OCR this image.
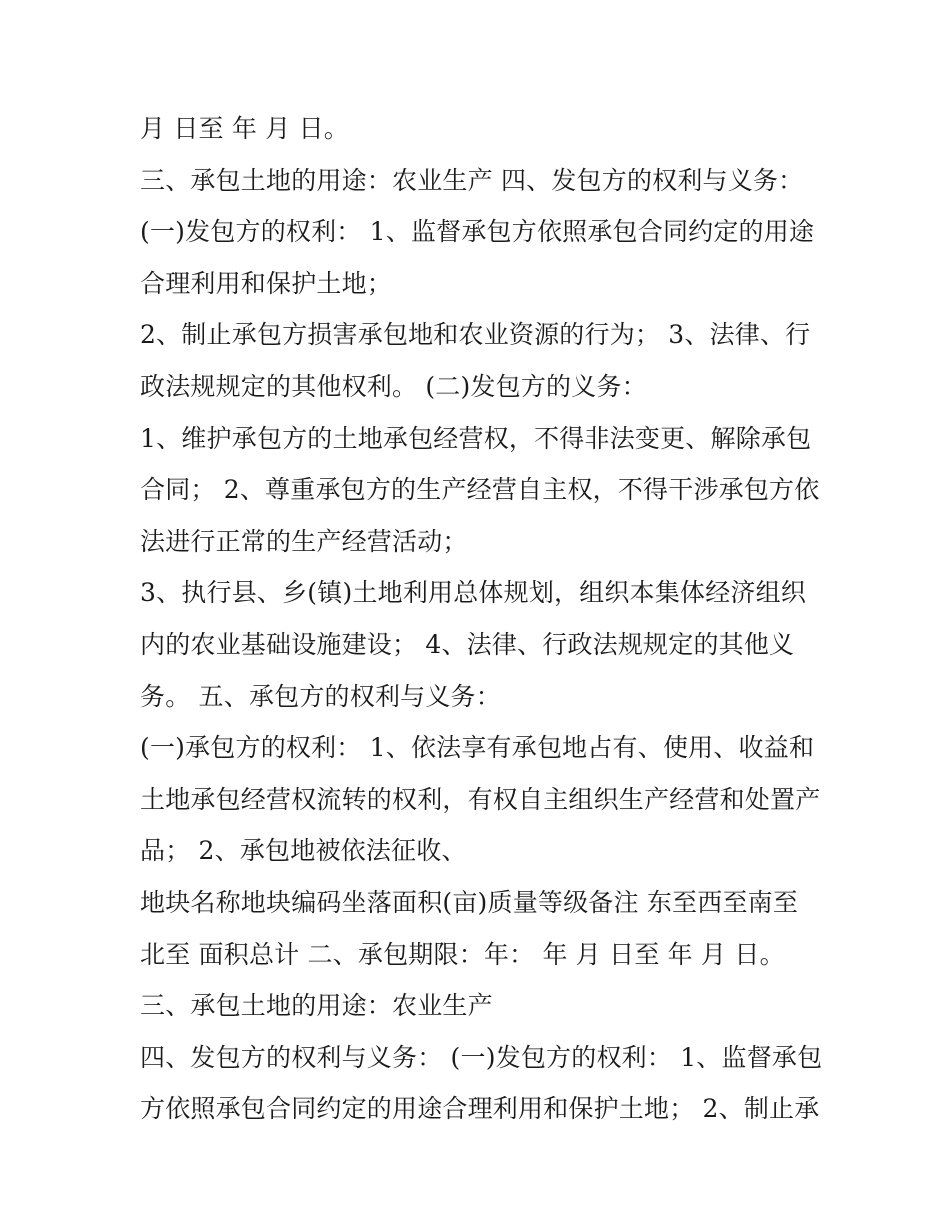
月 日至 年 月 日。
三、承包土地的用途：农业生产 四、发包方的权利与义务：
(一)发包方的权利： 1、监督承包方依照承包合同约定的用途
合理利用和保护土地；
2、制止承包方损害承包地和农业资源的行为； 3、法律、行
政法规规定的其他权利。 (二)发包方的义务：
1、维护承包方的土地承包经营权，不得非法变更、解除承包
合同； 2、尊重承包方的生产经营自主权，不得干涉承包方依
法进行正常的生产经营活动；
3、执行县、乡(镇)土地利用总体规划，组织本集体经济组织
内的农业基础设施建设； 4、法律、行政法规规定的其他义
务。 五、承包方的权利与义务：
(一)承包方的权利： 1、依法享有承包地占有、使用、收益和
土地承包经营权流转的权利，有权自主组织生产经营和处置产
品； 2、承包地被依法征收、
地块名称地块编码坐落面积(亩)质量等级备注 东至西至南至
北至 面积总计 二、承包期限：年： 年 月 日至 年 月 日。
三、承包土地的用途：农业生产
四、发包方的权利与义务： (一)发包方的权利： 1、监督承包
方依照承包合同约定的用途合理利用和保护土地； 2、制止承
